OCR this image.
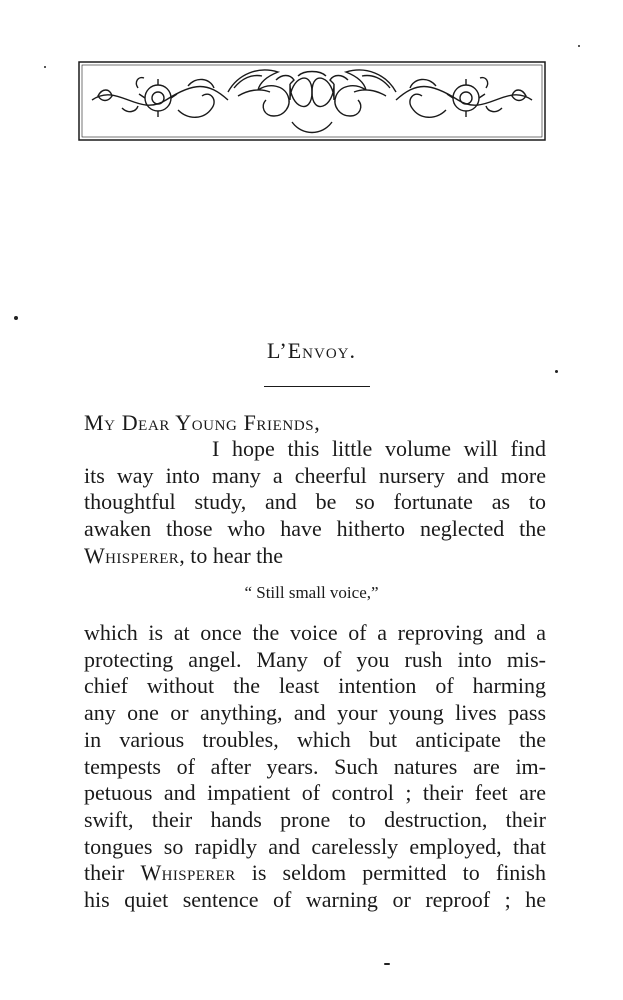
L’Envoy.
My Dear Young Friends,
I hope this little volume will find
its way into many a cheerful nursery and more
thoughtful study, and be so fortunate as to
awaken those who have hitherto neglected the
Whisperer, to hear the
“ Still small voice,”
which is at once the voice of a reproving and a
protecting angel. Many of you rush into mis-
chief without the least intention of harming
any one or anything, and your young lives pass
in various troubles, which but anticipate the
tempests of after years. Such natures are im-
petuous and impatient of control ; their feet are
swift, their hands prone to destruction, their
tongues so rapidly and carelessly employed, that
their Whisperer is seldom permitted to finish
his quiet sentence of warning or reproof ; he
